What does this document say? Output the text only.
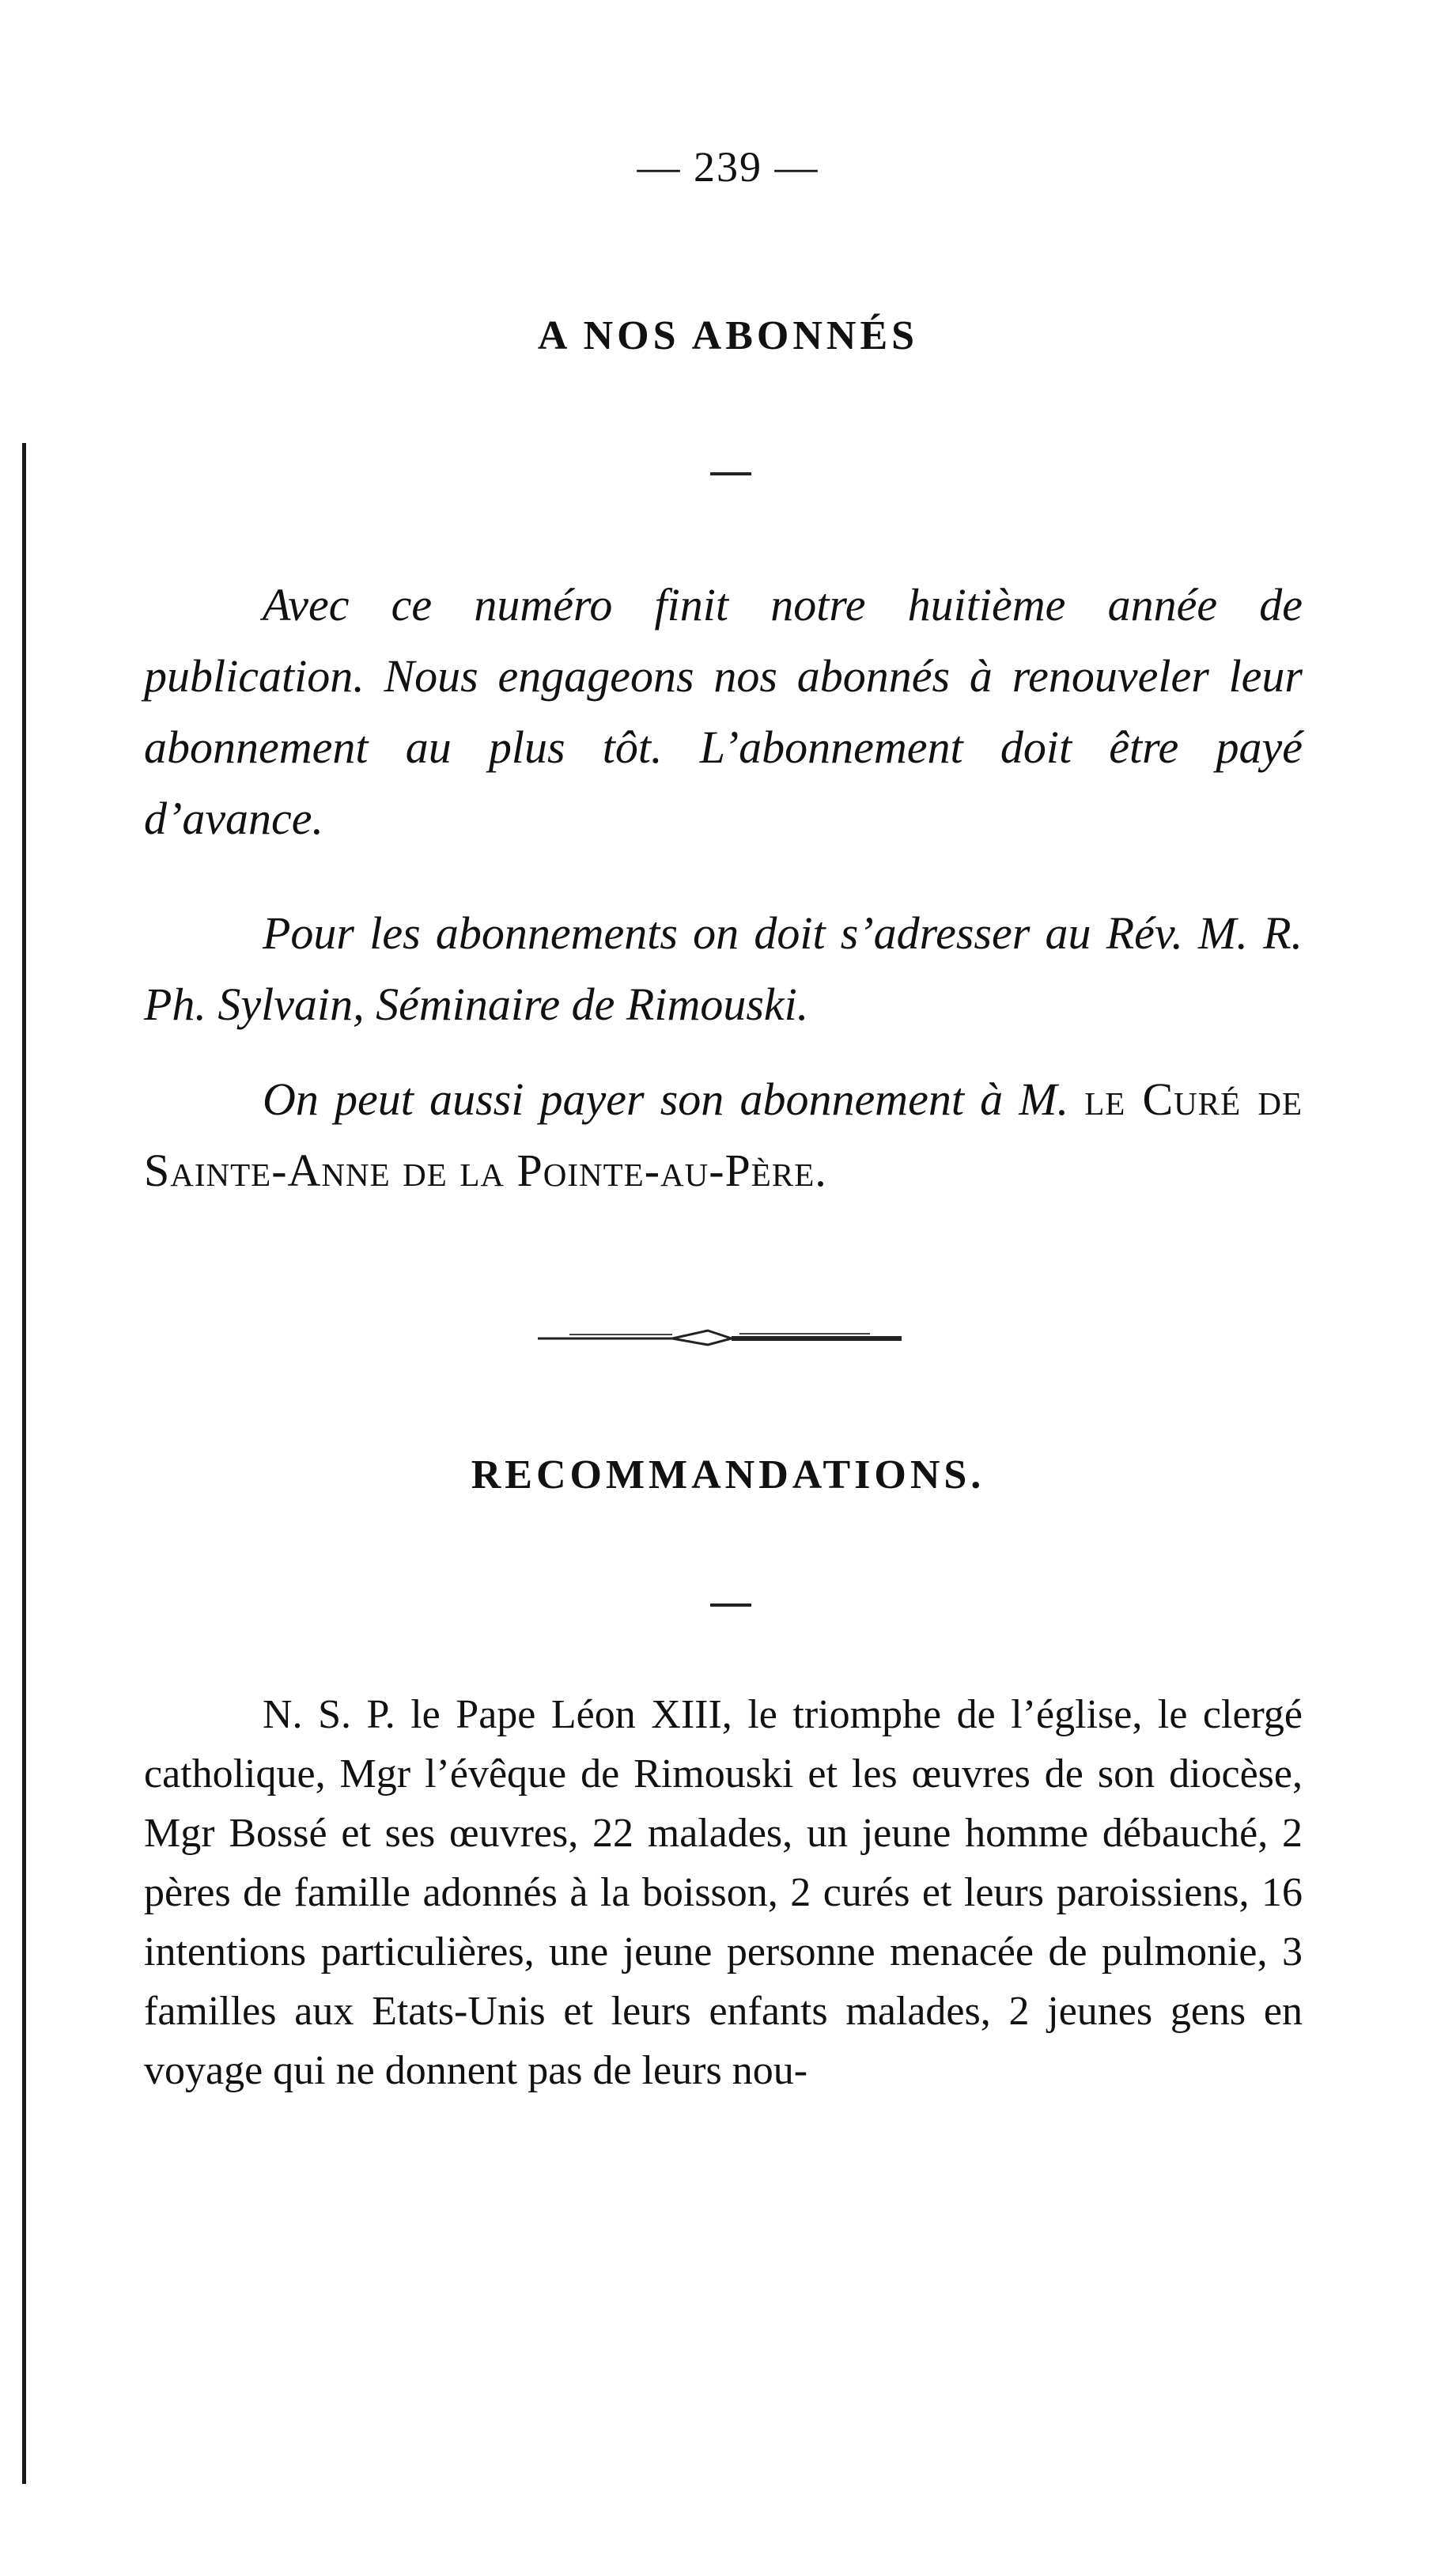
— 239 —
A NOS ABONNÉS
Avec ce numéro finit notre huitième année de publication. Nous engageons nos abonnés à renouveler leur abonnement au plus tôt. L’abonnement doit être payé d’avance.
Pour les abonnements on doit s’adresser au Rév. M. R. Ph. Sylvain, Séminaire de Rimouski.
On peut aussi payer son abonnement à M. le Curé de Sainte-Anne de la Pointe-au-Père.
RECOMMANDATIONS.
N. S. P. le Pape Léon XIII, le triomphe de l’église, le clergé catholique, Mgr l’évêque de Rimouski et les œuvres de son diocèse, Mgr Bossé et ses œuvres, 22 malades, un jeune homme débauché, 2 pères de famille adonnés à la boisson, 2 curés et leurs paroissiens, 16 intentions particulières, une jeune personne menacée de pulmonie, 3 familles aux Etats-Unis et leurs enfants malades, 2 jeunes gens en voyage qui ne donnent pas de leurs nou-
